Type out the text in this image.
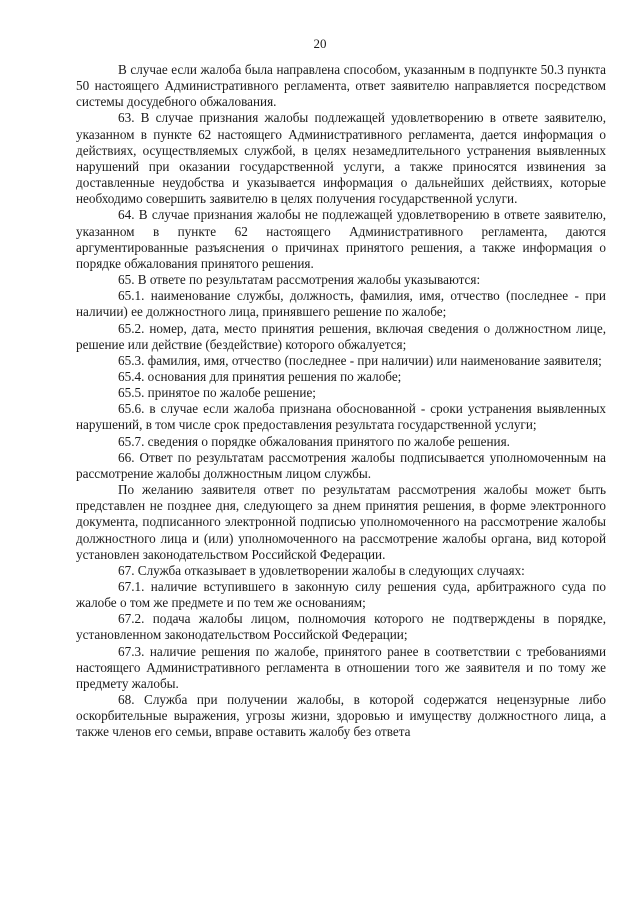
20

В случае если жалоба была направлена способом, указанным в подпункте 50.3 пункта 50 настоящего Административного регламента, ответ заявителю направляется посредством системы досудебного обжалования.

63. В случае признания жалобы подлежащей удовлетворению в ответе заявителю, указанном в пункте 62 настоящего Административного регламента, дается информация о действиях, осуществляемых службой, в целях незамедлительного устранения выявленных нарушений при оказании государственной услуги, а также приносятся извинения за доставленные неудобства и указывается информация о дальнейших действиях, которые необходимо совершить заявителю в целях получения государственной услуги.

64. В случае признания жалобы не подлежащей удовлетворению в ответе заявителю, указанном в пункте 62 настоящего Административного регламента, даются аргументированные разъяснения о причинах принятого решения, а также информация о порядке обжалования принятого решения.

65. В ответе по результатам рассмотрения жалобы указываются:

65.1. наименование службы, должность, фамилия, имя, отчество (последнее - при наличии) ее должностного лица, принявшего решение по жалобе;

65.2. номер, дата, место принятия решения, включая сведения о должностном лице, решение или действие (бездействие) которого обжалуется;

65.3. фамилия, имя, отчество (последнее - при наличии) или наименование заявителя;

65.4. основания для принятия решения по жалобе;

65.5. принятое по жалобе решение;

65.6. в случае если жалоба признана обоснованной - сроки устранения выявленных нарушений, в том числе срок предоставления результата государственной услуги;

65.7. сведения о порядке обжалования принятого по жалобе решения.

66. Ответ по результатам рассмотрения жалобы подписывается уполномоченным на рассмотрение жалобы должностным лицом службы.

По желанию заявителя ответ по результатам рассмотрения жалобы может быть представлен не позднее дня, следующего за днем принятия решения, в форме электронного документа, подписанного электронной подписью уполномоченного на рассмотрение жалобы должностного лица и (или) уполномоченного на рассмотрение жалобы органа, вид которой установлен законодательством Российской Федерации.

67. Служба отказывает в удовлетворении жалобы в следующих случаях:

67.1. наличие вступившего в законную силу решения суда, арбитражного суда по жалобе о том же предмете и по тем же основаниям;

67.2. подача жалобы лицом, полномочия которого не подтверждены в порядке, установленном законодательством Российской Федерации;

67.3. наличие решения по жалобе, принятого ранее в соответствии с требованиями настоящего Административного регламента в отношении того же заявителя и по тому же предмету жалобы.

68. Служба при получении жалобы, в которой содержатся нецензурные либо оскорбительные выражения, угрозы жизни, здоровью и имуществу должностного лица, а также членов его семьи, вправе оставить жалобу без ответа
